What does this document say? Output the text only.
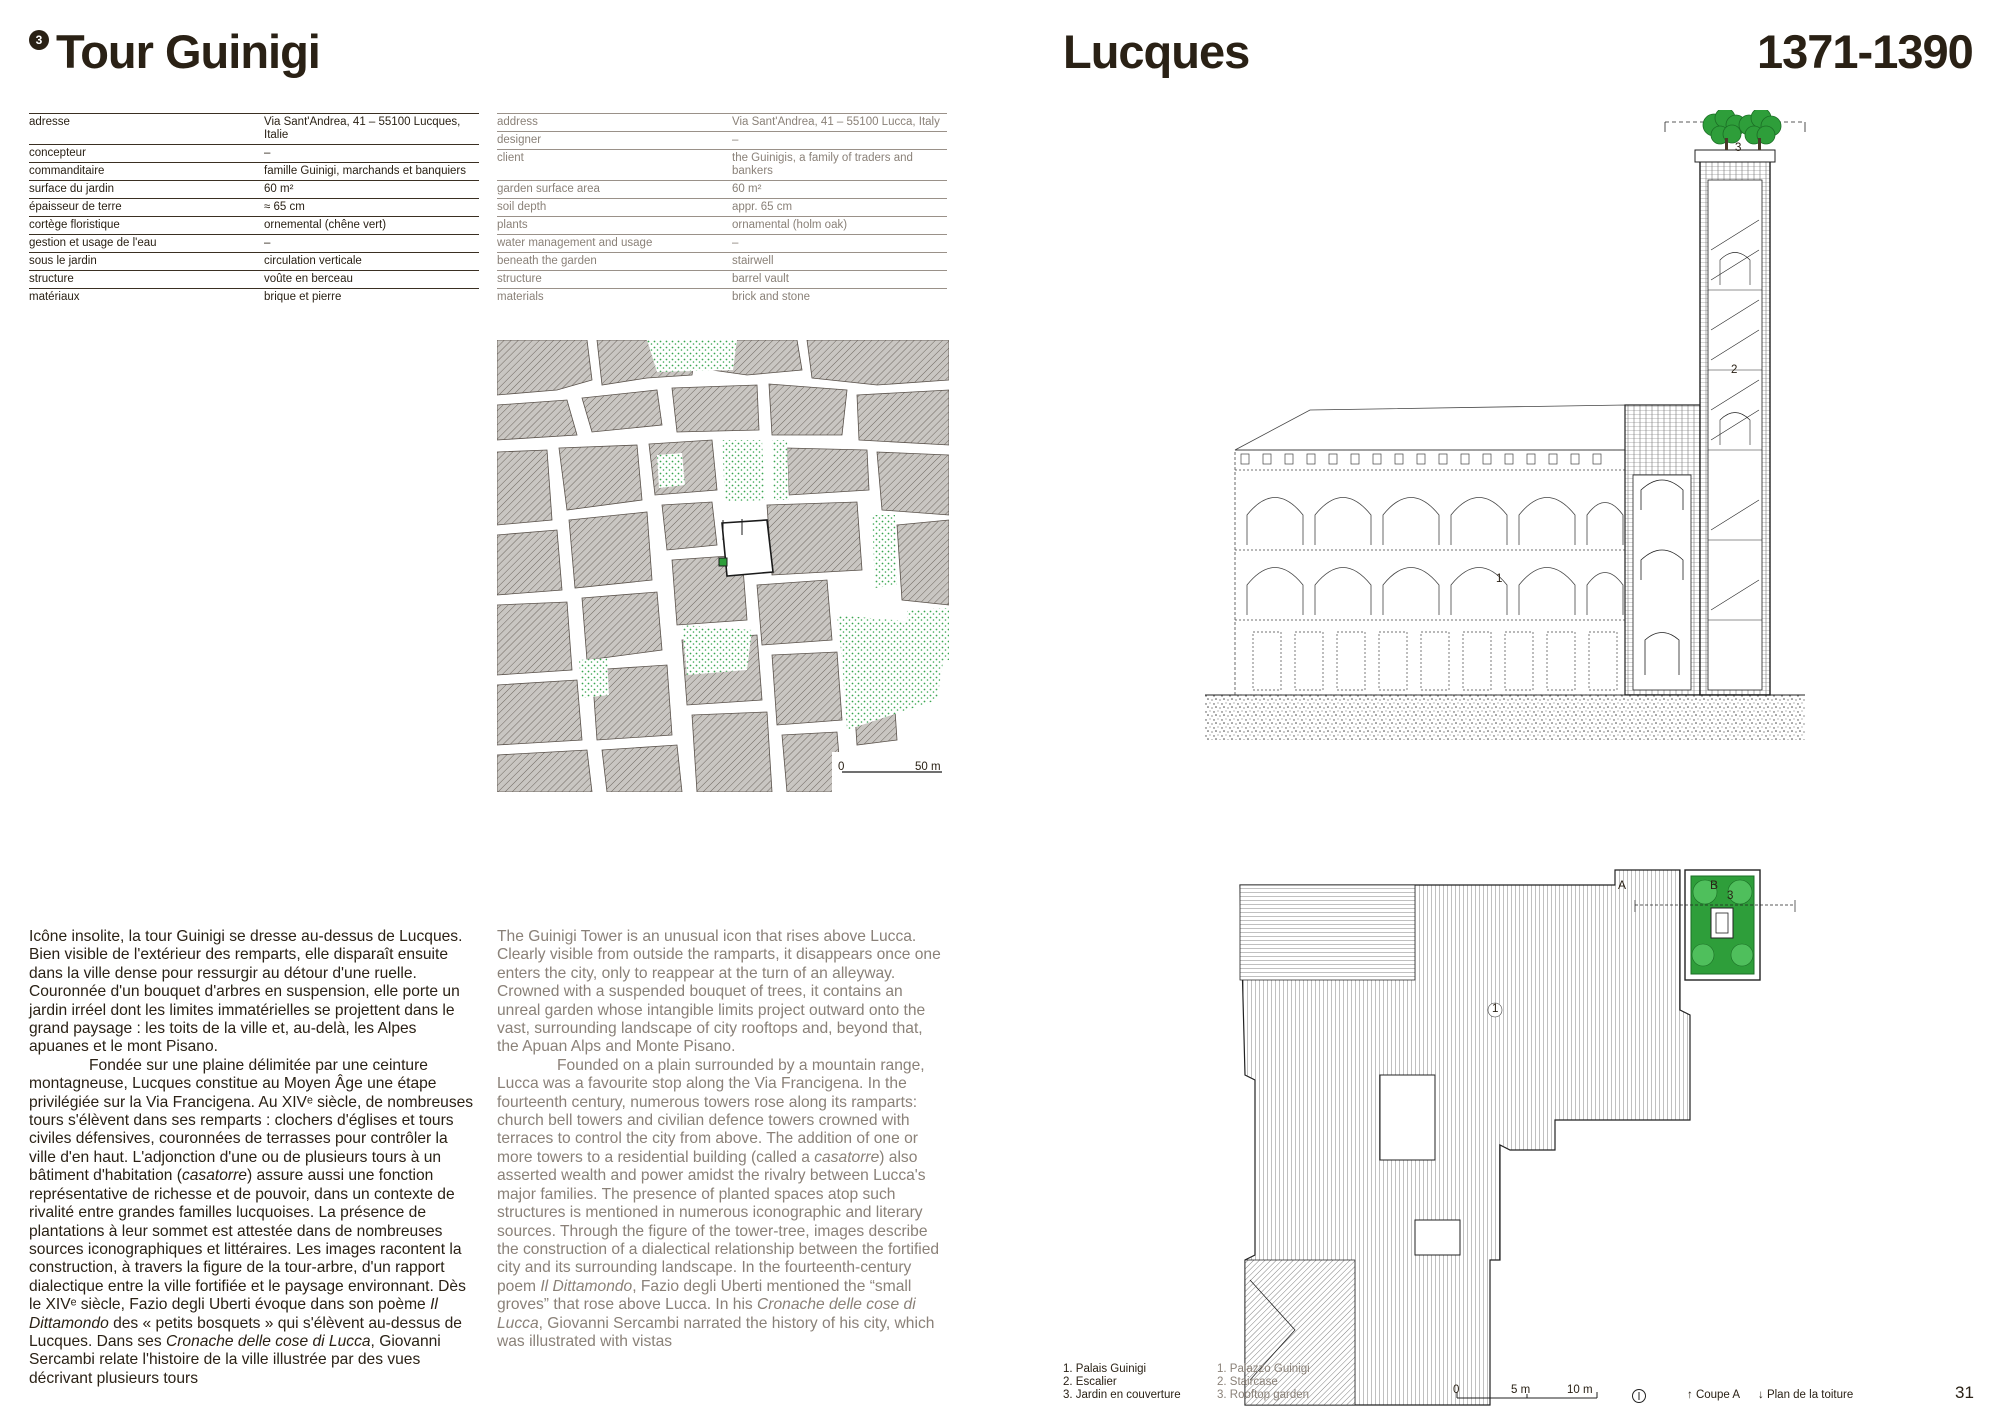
3 Tour Guinigi	Lucques	1371-1390
adresse	Via Sant'Andrea, 41 – 55100 Lucques, Italie
concepteur	–
commanditaire	famille Guinigi, marchands et banquiers
surface du jardin	60 m²
épaisseur de terre	≈ 65 cm
cortège floristique	ornemental (chêne vert)
gestion et usage de l'eau	–
sous le jardin	circulation verticale
structure	voûte en berceau
matériaux	brique et pierre
address	Via Sant'Andrea, 41 – 55100 Lucca, Italy
designer	–
client	the Guinigis, a family of traders and bankers
garden surface area	60 m²
soil depth	appr. 65 cm
plants	ornamental (holm oak)
water management and usage	–
beneath the garden	stairwell
structure	barrel vault
materials	brick and stone
0	50 m

Icône insolite, la tour Guinigi se dresse au-dessus de Lucques. Bien visible de l'extérieur des remparts, elle disparaît ensuite dans la ville dense pour ressurgir au détour d'une ruelle. Couronnée d'un bouquet d'arbres en suspension, elle porte un jardin irréel dont les limites immatérielles se projettent dans le grand paysage : les toits de la ville et, au-delà, les Alpes apuanes et le mont Pisano.

Fondée sur une plaine délimitée par une ceinture montagneuse, Lucques constitue au Moyen Âge une étape privilégiée sur la Via Francigena. Au XIVᵉ siècle, de nombreuses tours s'élèvent dans ses remparts : clochers d'églises et tours civiles défensives, couronnées de terrasses pour contrôler la ville d'en haut. L'adjonction d'une ou de plusieurs tours à un bâtiment d'habitation (casatorre) assure aussi une fonction représentative de richesse et de pouvoir, dans un contexte de rivalité entre grandes familles lucquoises. La présence de plantations à leur sommet est attestée dans de nombreuses sources iconographiques et littéraires. Les images racontent la construction, à travers la figure de la tour-arbre, d'un rapport dialectique entre la ville fortifiée et le paysage environnant. Dès le XIVᵉ siècle, Fazio degli Uberti évoque dans son poème Il Dittamondo des « petits bosquets » qui s'élèvent au-dessus de Lucques. Dans ses Cronache delle cose di Lucca, Giovanni Sercambi relate l'histoire de la ville illustrée par des vues décrivant plusieurs tours

The Guinigi Tower is an unusual icon that rises above Lucca. Clearly visible from outside the ramparts, it disappears once one enters the city, only to reappear at the turn of an alleyway. Crowned with a suspended bouquet of trees, it contains an unreal garden whose intangible limits project outward onto the vast, surrounding landscape of city rooftops and, beyond that, the Apuan Alps and Monte Pisano.

Founded on a plain surrounded by a mountain range, Lucca was a favourite stop along the Via Francigena. In the fourteenth century, numerous towers rose along its ramparts: church bell towers and civilian defence towers crowned with terraces to control the city from above. The addition of one or more towers to a residential building (called a casatorre) also asserted wealth and power amidst the rivalry between Lucca's major families. The presence of planted spaces atop such structures is mentioned in numerous iconographic and literary sources. Through the figure of the tower-tree, images describe the construction of a dialectical relationship between the fortified city and its surrounding landscape. In the fourteenth-century poem Il Dittamondo, Fazio degli Uberti mentioned the “small groves” that rose above Lucca. In his Cronache delle cose di Lucca, Giovanni Sercambi narrated the history of his city, which was illustrated with vistas

1
2
3
1
3
A	B
1. Palais Guinigi
2. Escalier
3. Jardin en couverture
1. Palazzo Guinigi
2. Staircase
3. Rooftop garden	0	5 m	10 m	↑ Coupe A ↓ Plan de la toiture	31
